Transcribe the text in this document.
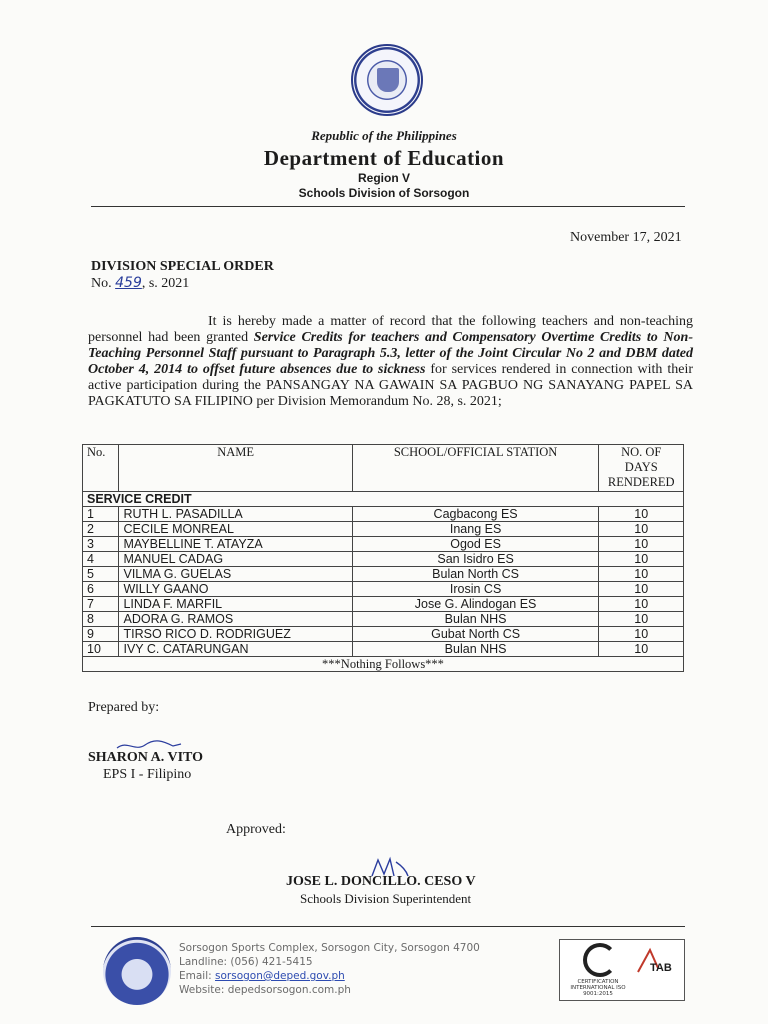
Republic of the Philippines
Department of Education
Region V
Schools Division of Sorsogon
November 17, 2021
DIVISION SPECIAL ORDER
No. 459, s. 2021
It is hereby made a matter of record that the following teachers and non-teaching personnel had been granted Service Credits for teachers and Compensatory Overtime Credits to Non-Teaching Personnel Staff pursuant to Paragraph 5.3, letter of the Joint Circular No 2 and DBM dated October 4, 2014 to offset future absences due to sickness for services rendered in connection with their active participation during the PANSANGAY NA GAWAIN SA PAGBUO NG SANAYANG PAPEL SA PAGKATUTO SA FILIPINO per Division Memorandum No. 28, s. 2021;
No.	NAME	SCHOOL/OFFICIAL STATION	NO. OF DAYS RENDERED
SERVICE CREDIT			
1	RUTH L. PASADILLA	Cagbacong ES	10
2	CECILE MONREAL	Inang ES	10
3	MAYBELLINE T. ATAYZA	Ogod ES	10
4	MANUEL CADAG	San Isidro ES	10
5	VILMA G. GUELAS	Bulan North CS	10
6	WILLY GAANO	Irosin CS	10
7	LINDA F. MARFIL	Jose G. Alindogan ES	10
8	ADORA G. RAMOS	Bulan NHS	10
9	TIRSO RICO D. RODRIGUEZ	Gubat North CS	10
10	IVY C. CATARUNGAN	Bulan NHS	10
***Nothing Follows***			
Prepared by:
SHARON A. VITO
EPS I - Filipino
Approved:
JOSE L. DONCILLO. CESO V
Schools Division Superintendent
Sorsogon Sports Complex, Sorsogon City, Sorsogon 4700
Landline: (056) 421-5415
Email: sorsogon@deped.gov.ph
Website: depedsorsogon.com.ph
CERTIFICATION INTERNATIONAL ISO 9001:2015
TAB
